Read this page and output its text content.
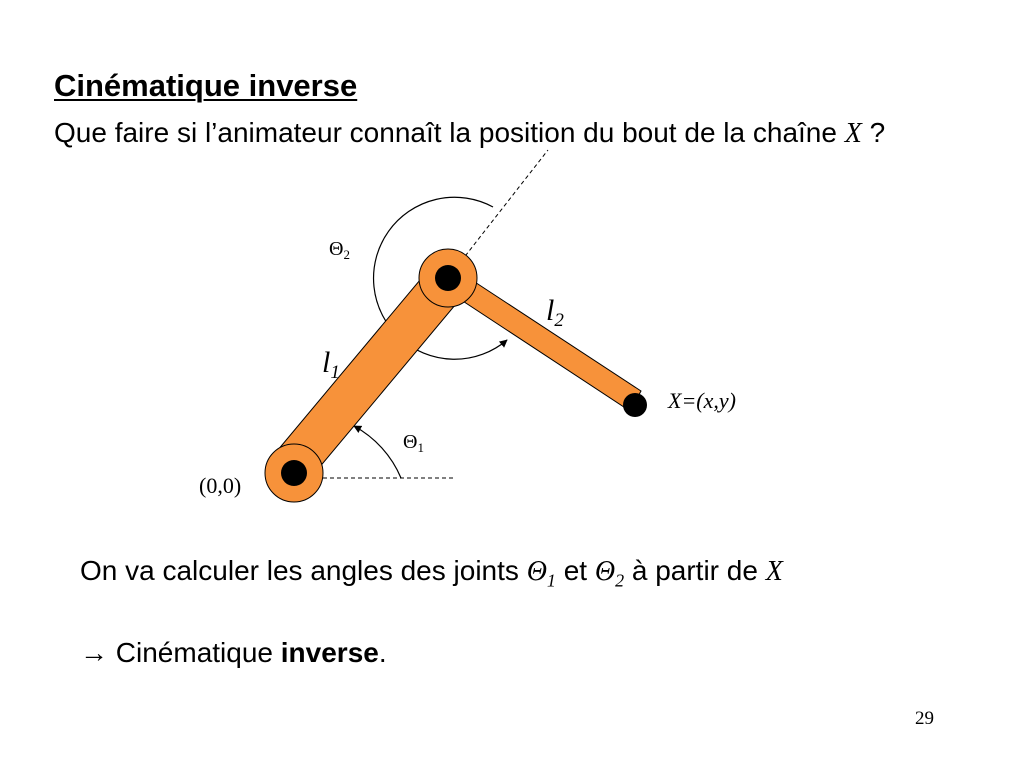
Cinématique inverse

Que faire si l’animateur connaît la position du bout de la chaîne X ?

$\Theta_2$
$\Theta_1$
$l_1$
$l_2$
X=(x,y)
(0,0)

On va calculer les angles des joints $\Theta_1$ et $\Theta_2$ à partir de X

→ Cinématique inverse.

29
